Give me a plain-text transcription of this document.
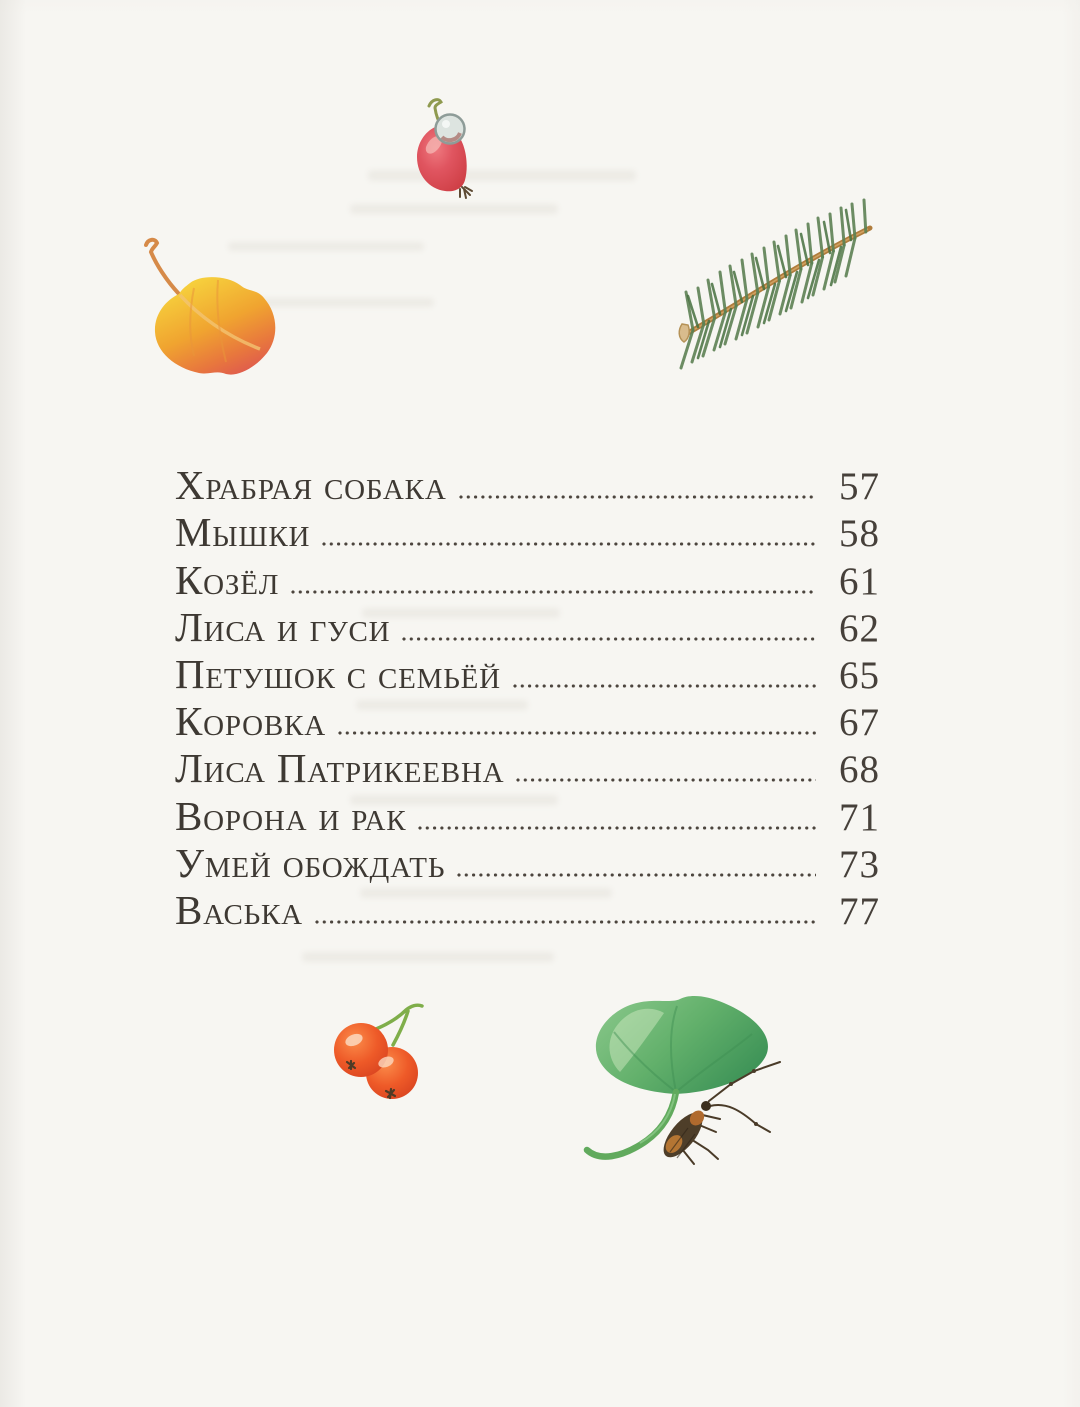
Храбрая собака	57
Мышки	58
Козёл	61
Лиса и гуси	62
Петушок с семьёй	65
Коровка	67
Лиса Патрикеевна	68
Ворона и рак	71
Умей обождать	73
Васька	77
